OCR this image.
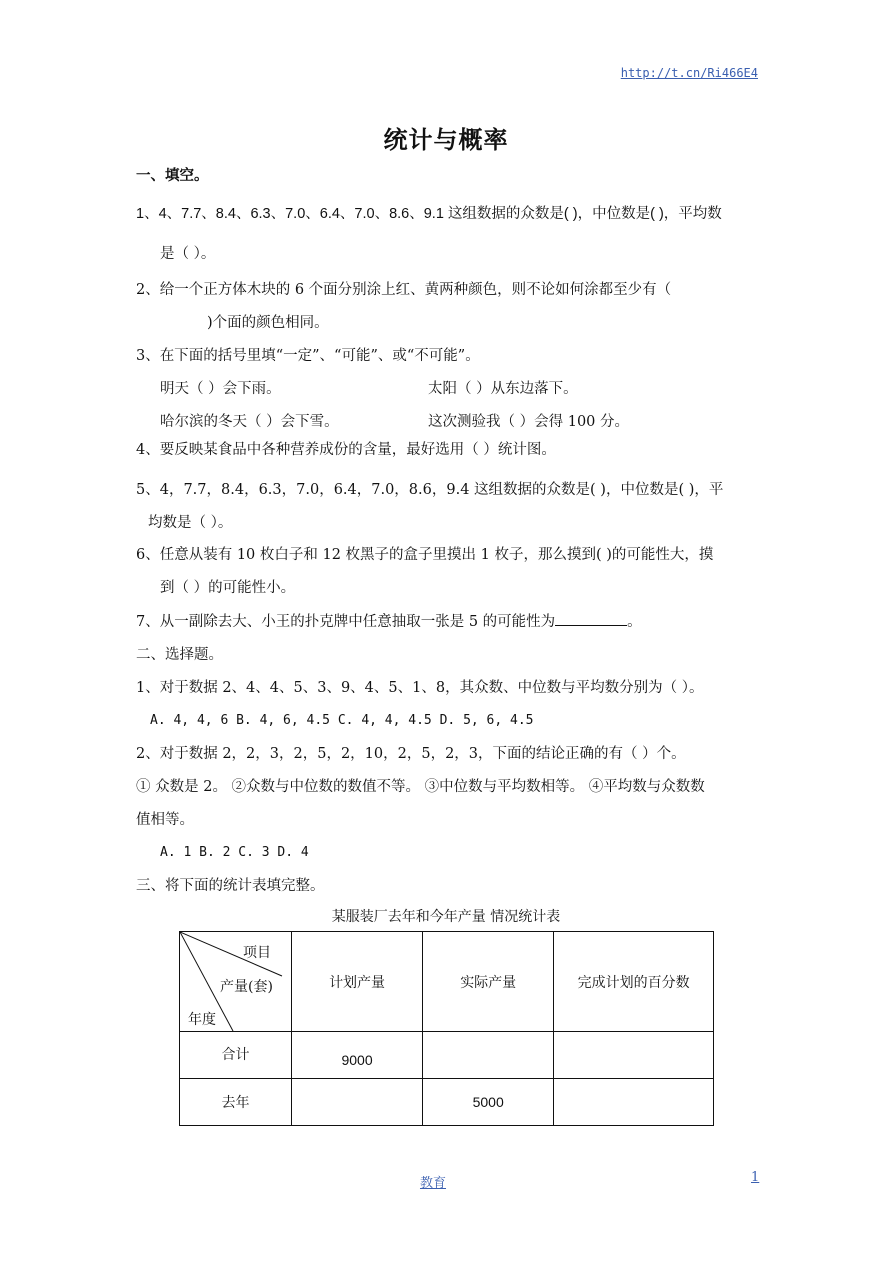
http://t.cn/Ri466E4
统计与概率
一、填空。
1、4、7.7、8.4、6.3、7.0、6.4、7.0、8.6、9.1 这组数据的众数是( )，中位数是( )，平均数
是（ ）。
2、给一个正方体木块的 6 个面分别涂上红、黄两种颜色，则不论如何涂都至少有（
)个面的颜色相同。
3、在下面的括号里填“一定”、“可能”、或“不可能”。
明天（ ）会下雨。	太阳（ ）从东边落下。
哈尔滨的冬天（ ）会下雪。	这次测验我（ ）会得 100 分。
4、要反映某食品中各种营养成份的含量，最好选用（ ）统计图。
5、4，7.7，8.4，6.3，7.0，6.4，7.0，8.6，9.4 这组数据的众数是( )，中位数是( )，平
均数是（ ）。
6、任意从装有 10 枚白子和 12 枚黑子的盒子里摸出 1 枚子，那么摸到( )的可能性大，摸
到（ ）的可能性小。
7、从一副除去大、小王的扑克牌中任意抽取一张是 5 的可能性为	。
二、选择题。
1、对于数据 2、4、4、5、3、9、4、5、1、8，其众数、中位数与平均数分别为（ ）。
A. 4, 4, 6 B. 4, 6, 4.5 C. 4, 4, 4.5 D. 5, 6, 4.5
2、对于数据 2，2，3，2，5，2，10，2，5，2，3，下面的结论正确的有（ ）个。
① 众数是 2。 ②众数与中位数的数值不等。 ③中位数与平均数相等。 ④平均数与众数数
值相等。
A. 1 B. 2 C. 3 D. 4
三、将下面的统计表填完整。
某服装厂去年和今年产量 情况统计表
项目
产量(套)
年度	计划产量	实际产量	完成计划的百分数
合计	9000		
去年		5000	
教育	1
